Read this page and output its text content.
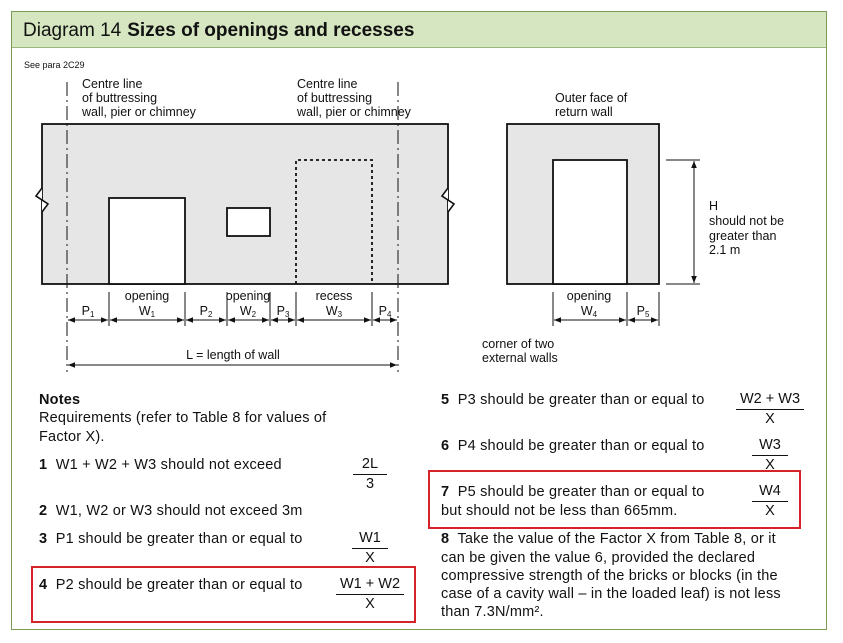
Diagram 14 Sizes of openings and recesses
See para 2C29
Centre line
of buttressing
wall, pier or chimney
Centre line
of buttressing
wall, pier or chimney
opening
W1
opening
W2
recess
W3
P1	P2	P3	P4
L = length of wall
Outer face of
return wall
H
should not be
greater than
2.1 m
opening
W4	P5
corner of two
external walls
Notes
Requirements (refer to Table 8 for values of
Factor X).
1 W1 + W2 + W3 should not exceed	$\frac{2L}{3}$
2 W1, W2 or W3 should not exceed 3m
3 P1 should be greater than or equal to	$\frac{W1}{X}$
4 P2 should be greater than or equal to $\frac{W1 + W2}{X}$
5 P3 should be greater than or equal to $\frac{W2 + W3}{X}$
6 P4 should be greater than or equal to	$\frac{W3}{X}$
7 P5 should be greater than or equal to
but should not be less than 665mm.	$\frac{W4}{X}$
8 Take the value of the Factor X from Table 8, or it
can be given the value 6, provided the declared
compressive strength of the bricks or blocks (in the
case of a cavity wall – in the loaded leaf) is not less
than 7.3N/mm².
